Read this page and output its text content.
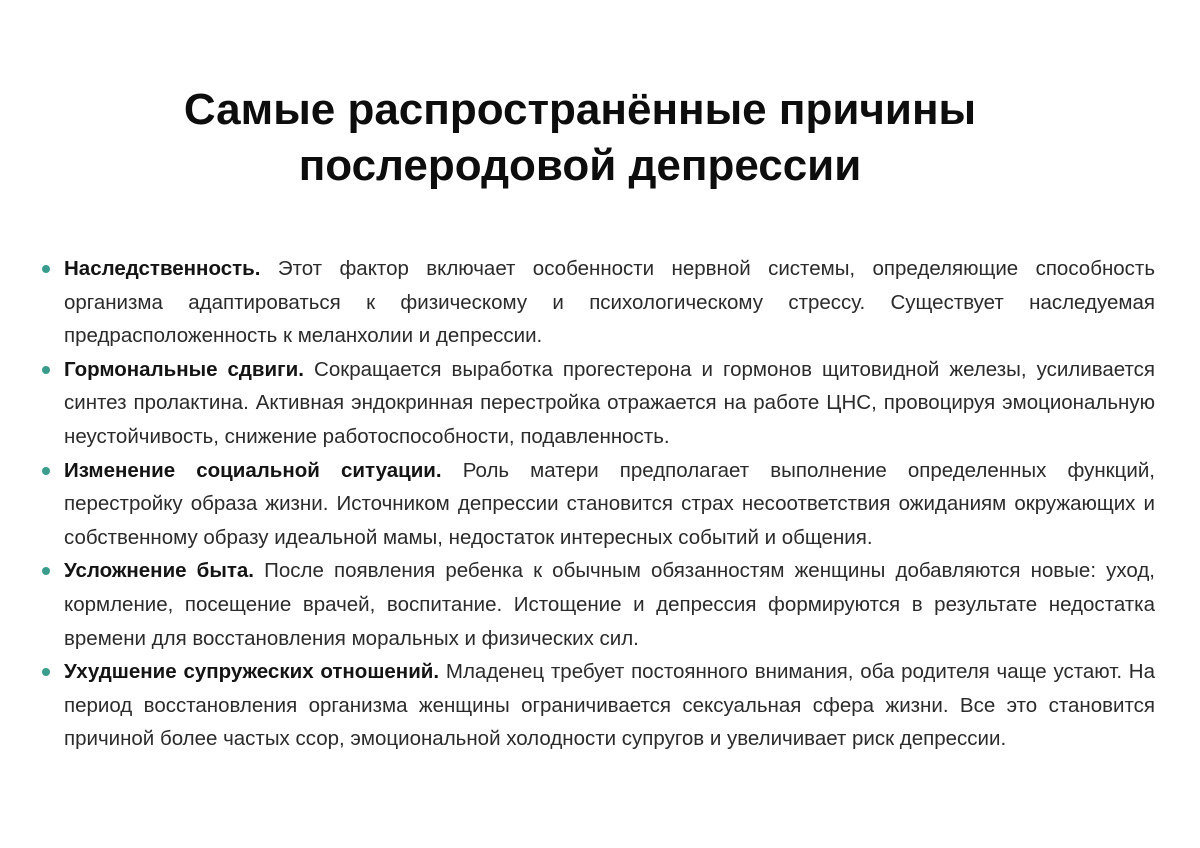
Самые распространённые причины
послеродовой депрессии
Наследственность. Этот фактор включает особенности нервной системы, определяющие способность организма адаптироваться к физическому и психологическому стрессу. Существует наследуемая предрасположенность к меланхолии и депрессии.
Гормональные сдвиги. Сокращается выработка прогестерона и гормонов щитовидной железы, усиливается синтез пролактина. Активная эндокринная перестройка отражается на работе ЦНС, провоцируя эмоциональную неустойчивость, снижение работоспособности, подавленность.
Изменение социальной ситуации. Роль матери предполагает выполнение определенных функций, перестройку образа жизни. Источником депрессии становится страх несоответствия ожиданиям окружающих и собственному образу идеальной мамы, недостаток интересных событий и общения.
Усложнение быта. После появления ребенка к обычным обязанностям женщины добавляются новые: уход, кормление, посещение врачей, воспитание. Истощение и депрессия формируются в результате недостатка времени для восстановления моральных и физических сил.
Ухудшение супружеских отношений. Младенец требует постоянного внимания, оба родителя чаще устают. На период восстановления организма женщины ограничивается сексуальная сфера жизни. Все это становится причиной более частых ссор, эмоциональной холодности супругов и увеличивает риск депрессии.
